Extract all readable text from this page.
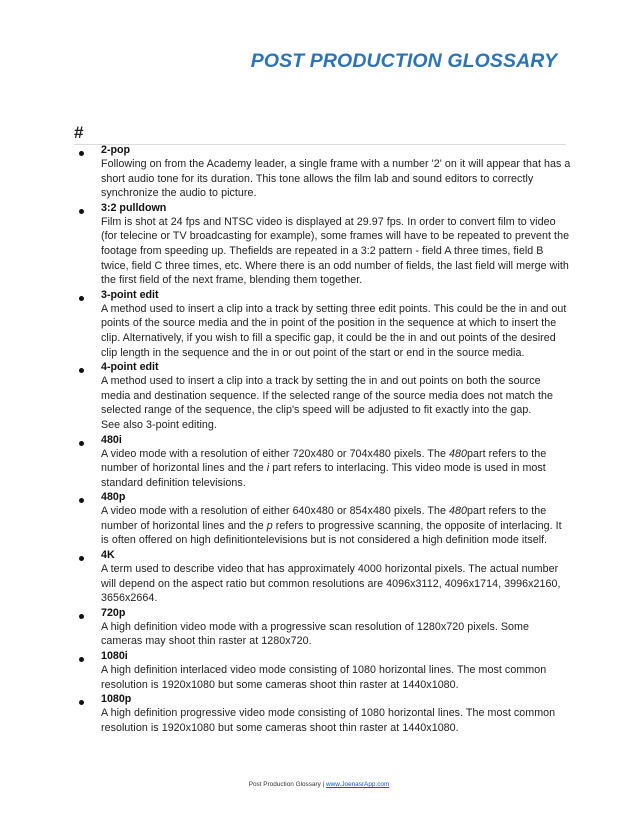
POST PRODUCTION GLOSSARY
#
2-pop
Following on from the Academy leader, a single frame with a number '2' on it will appear that has a short audio tone for its duration. This tone allows the film lab and sound editors to correctly synchronize the audio to picture.
3:2 pulldown
Film is shot at 24 fps and NTSC video is displayed at 29.97 fps. In order to convert film to video (for telecine or TV broadcasting for example), some frames will have to be repeated to prevent the footage from speeding up. Thefields are repeated in a 3:2 pattern - field A three times, field B twice, field C three times, etc. Where there is an odd number of fields, the last field will merge with the first field of the next frame, blending them together.
3-point edit
A method used to insert a clip into a track by setting three edit points. This could be the in and out points of the source media and the in point of the position in the sequence at which to insert the clip. Alternatively, if you wish to fill a specific gap, it could be the in and out points of the desired clip length in the sequence and the in or out point of the start or end in the source media.
4-point edit
A method used to insert a clip into a track by setting the in and out points on both the source media and destination sequence. If the selected range of the source media does not match the selected range of the sequence, the clip's speed will be adjusted to fit exactly into the gap.
See also 3-point editing.
480i
A video mode with a resolution of either 720x480 or 704x480 pixels. The 480part refers to the number of horizontal lines and the i part refers to interlacing. This video mode is used in most standard definition televisions.
480p
A video mode with a resolution of either 640x480 or 854x480 pixels. The 480part refers to the number of horizontal lines and the p refers to progressive scanning, the opposite of interlacing. It is often offered on high definitiontelevisions but is not considered a high definition mode itself.
4K
A term used to describe video that has approximately 4000 horizontal pixels. The actual number will depend on the aspect ratio but common resolutions are 4096x3112, 4096x1714, 3996x2160, 3656x2664.
720p
A high definition video mode with a progressive scan resolution of 1280x720 pixels. Some cameras may shoot thin raster at 1280x720.
1080i
A high definition interlaced video mode consisting of 1080 horizontal lines. The most common resolution is 1920x1080 but some cameras shoot thin raster at 1440x1080.
1080p
A high definition progressive video mode consisting of 1080 horizontal lines. The most common resolution is 1920x1080 but some cameras shoot thin raster at 1440x1080.
Post Production Glossary | www.JoenasrApp.com
